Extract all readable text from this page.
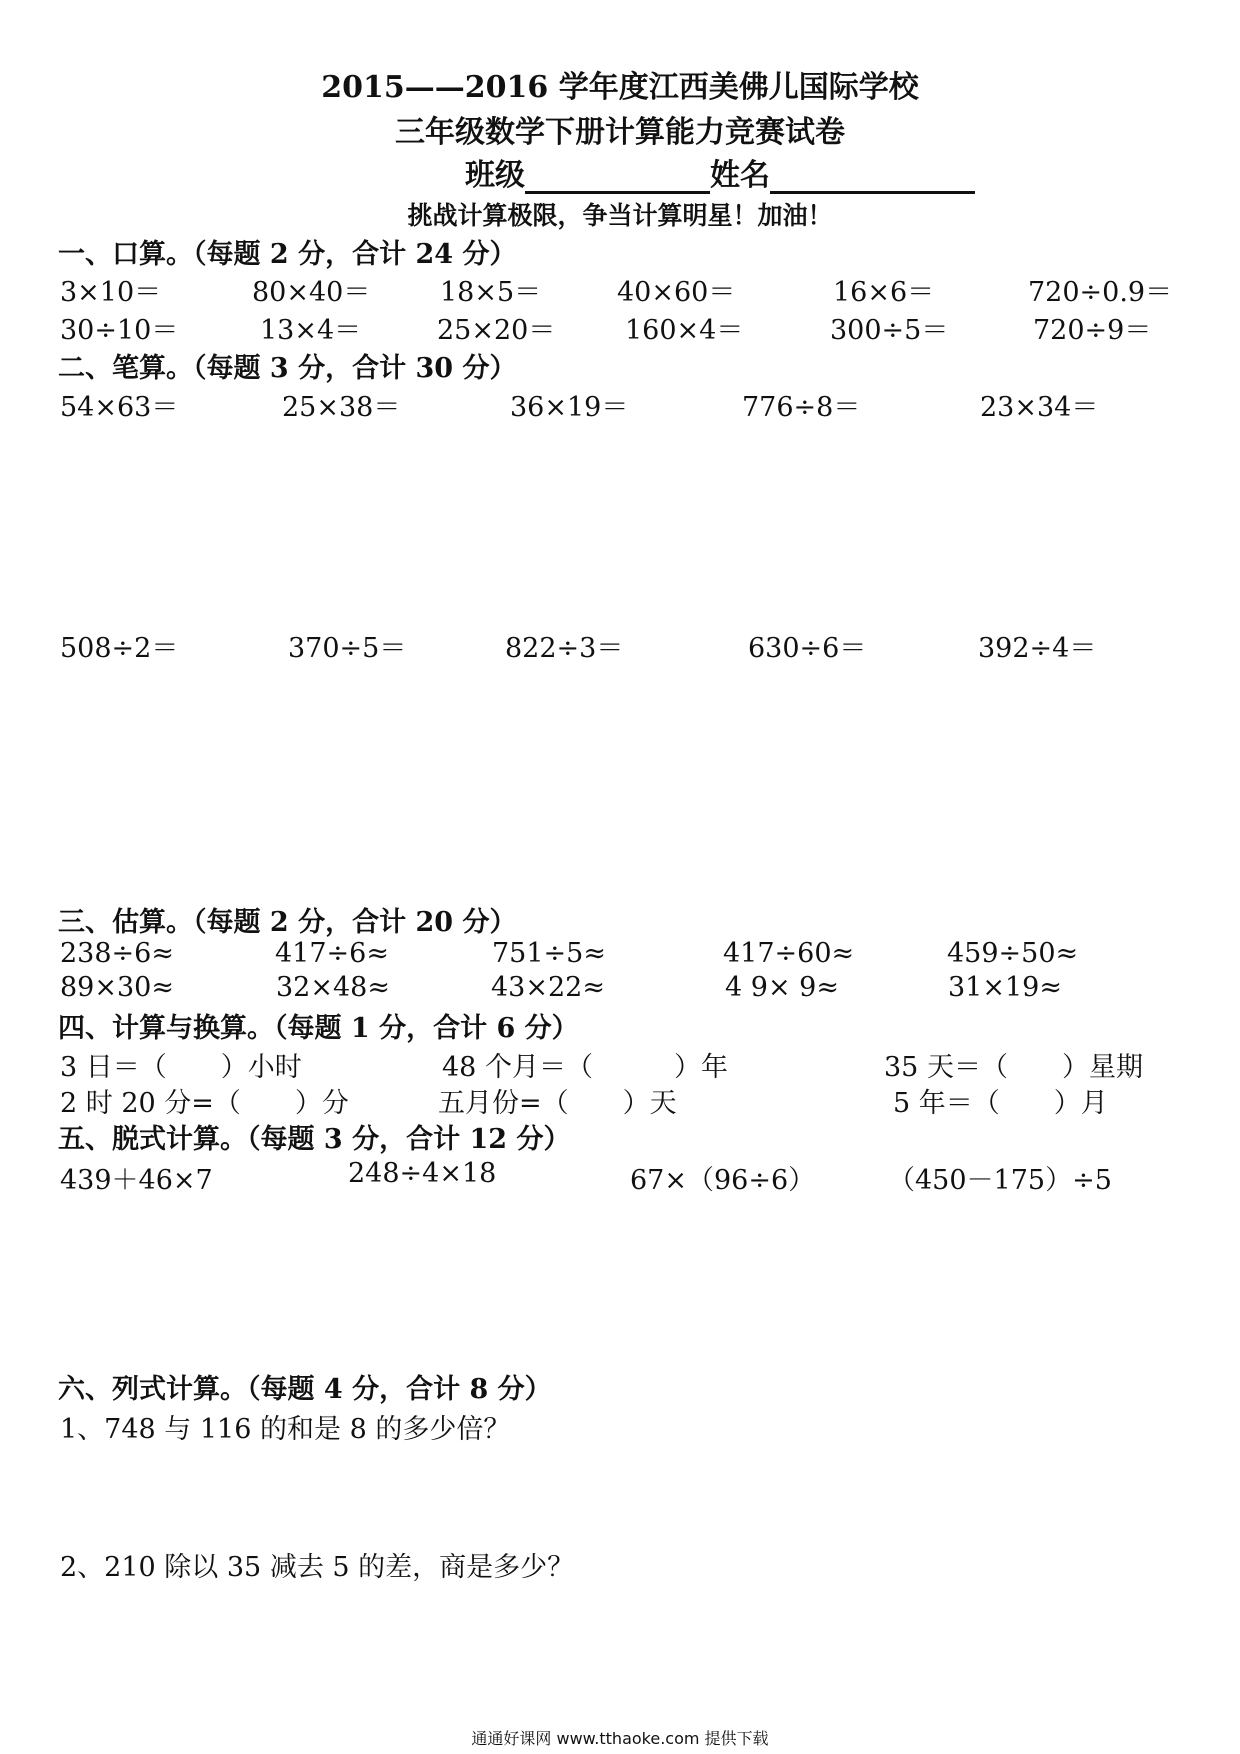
2015——2016 学年度江西美佛儿国际学校
三年级数学下册计算能力竞赛试卷
班级	姓名
挑战计算极限，争当计算明星！加油！
一、口算。（每题 2 分，合计 24 分）
3×10＝	80×40＝	18×5＝	40×60＝	16×6＝	720÷0.9＝
30÷10＝	13×4＝	25×20＝	160×4＝	300÷5＝	720÷9＝
二、笔算。（每题 3 分，合计 30 分）
54×63＝	25×38＝	36×19＝	776÷8＝	23×34＝
508÷2＝	370÷5＝	822÷3＝	630÷6＝	392÷4＝
三、估算。（每题 2 分，合计 20 分）
238÷6≈	417÷6≈	751÷5≈	417÷60≈	459÷50≈
89×30≈	32×48≈	43×22≈	4 9× 9≈	31×19≈
四、计算与换算。（每题 1 分，合计 6 分）
3 日＝（　　）小时	48 个月＝（　　　）年	35 天＝（　　）星期
2 时 20 分=（　　）分	五月份=（　　）天	5 年＝（　　）月
五、脱式计算。（每题 3 分，合计 12 分）
439＋46×7	248÷4×18	67×（96÷6）	（450－175）÷5
六、列式计算。（每题 4 分，合计 8 分）
1、748 与 116 的和是 8 的多少倍？
2、210 除以 35 减去 5 的差，商是多少？
通通好课网 www.tthaoke.com 提供下载
